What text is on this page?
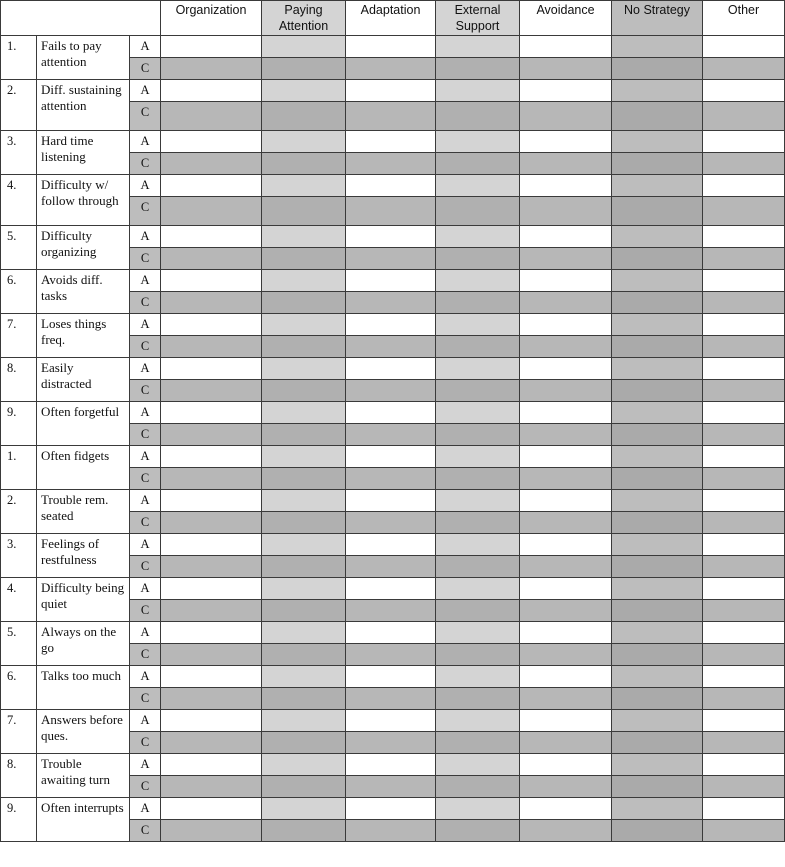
			Organization	Paying Attention	Adaptation	External Support	Avoidance	No Strategy	Other
1.	Fails to pay attention	A							
		C							
2.	Diff. sustaining attention	A							
		C							
3.	Hard time listening	A							
		C							
4.	Difficulty w/ follow through	A							
		C							
5.	Difficulty organizing	A							
		C							
6.	Avoids diff. tasks	A							
		C							
7.	Loses things freq.	A							
		C							
8.	Easily distracted	A							
		C							
9.	Often forgetful	A							
		C							
1.	Often fidgets	A							
		C							
2.	Trouble rem. seated	A							
		C							
3.	Feelings of restfulness	A							
		C							
4.	Difficulty being quiet	A							
		C							
5.	Always on the go	A							
		C							
6.	Talks too much	A							
		C							
7.	Answers before ques.	A							
		C							
8.	Trouble awaiting turn	A							
		C							
9.	Often interrupts	A							
		C							
